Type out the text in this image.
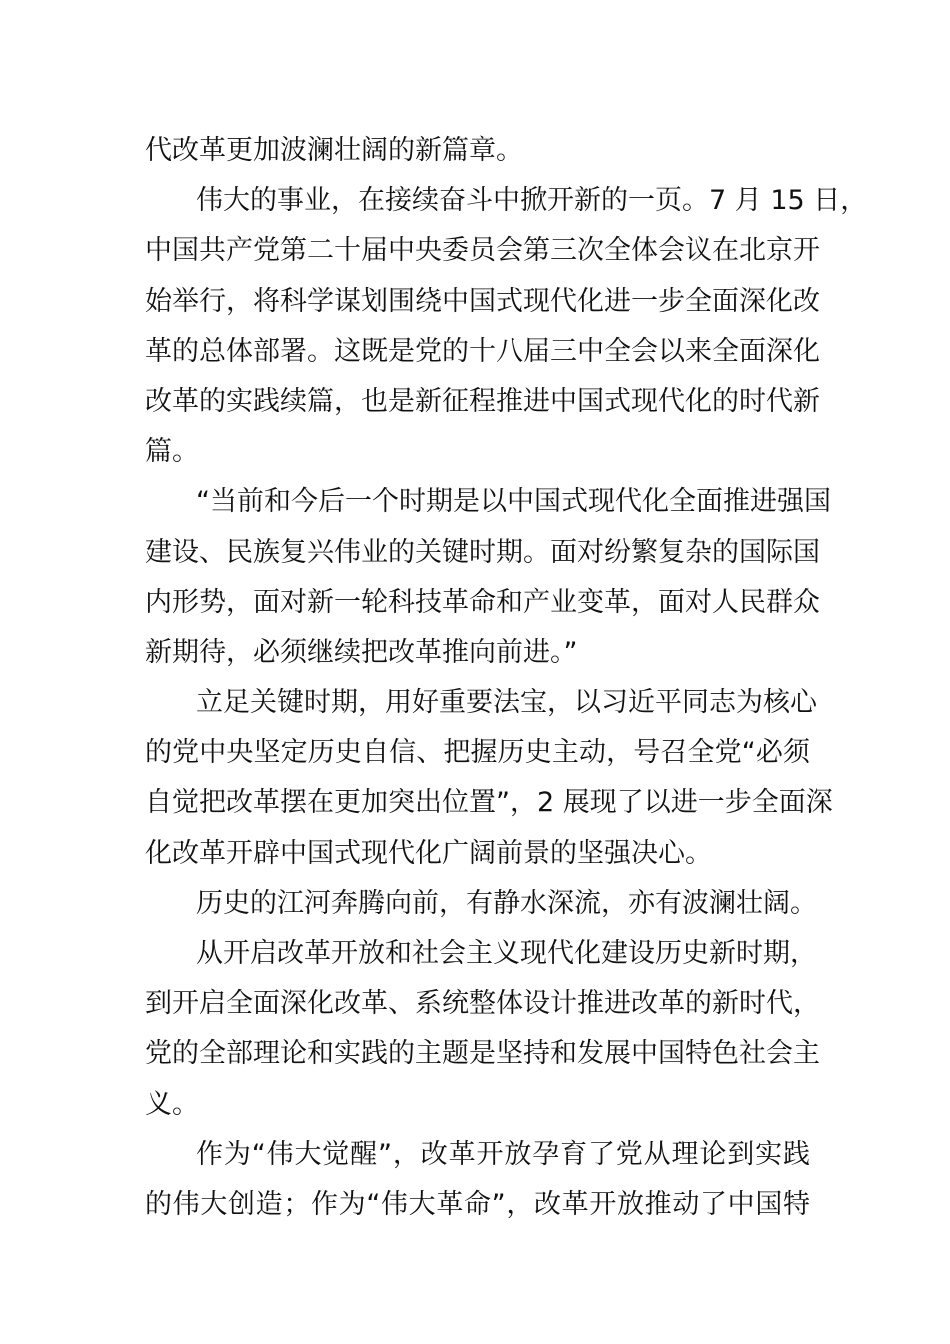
代改革更加波澜壮阔的新篇章。
伟大的事业，在接续奋斗中掀开新的一页。7 月 15 日，
中国共产党第二十届中央委员会第三次全体会议在北京开
始举行，将科学谋划围绕中国式现代化进一步全面深化改
革的总体部署。这既是党的十八届三中全会以来全面深化
改革的实践续篇，也是新征程推进中国式现代化的时代新
篇。
“当前和今后一个时期是以中国式现代化全面推进强国
建设、民族复兴伟业的关键时期。面对纷繁复杂的国际国
内形势，面对新一轮科技革命和产业变革，面对人民群众
新期待，必须继续把改革推向前进。”
立足关键时期，用好重要法宝，以习近平同志为核心
的党中央坚定历史自信、把握历史主动，号召全党“必须
自觉把改革摆在更加突出位置”，2 展现了以进一步全面深
化改革开辟中国式现代化广阔前景的坚强决心。
历史的江河奔腾向前，有静水深流，亦有波澜壮阔。
从开启改革开放和社会主义现代化建设历史新时期，
到开启全面深化改革、系统整体设计推进改革的新时代，
党的全部理论和实践的主题是坚持和发展中国特色社会主
义。
作为“伟大觉醒”，改革开放孕育了党从理论到实践
的伟大创造；作为“伟大革命”，改革开放推动了中国特
